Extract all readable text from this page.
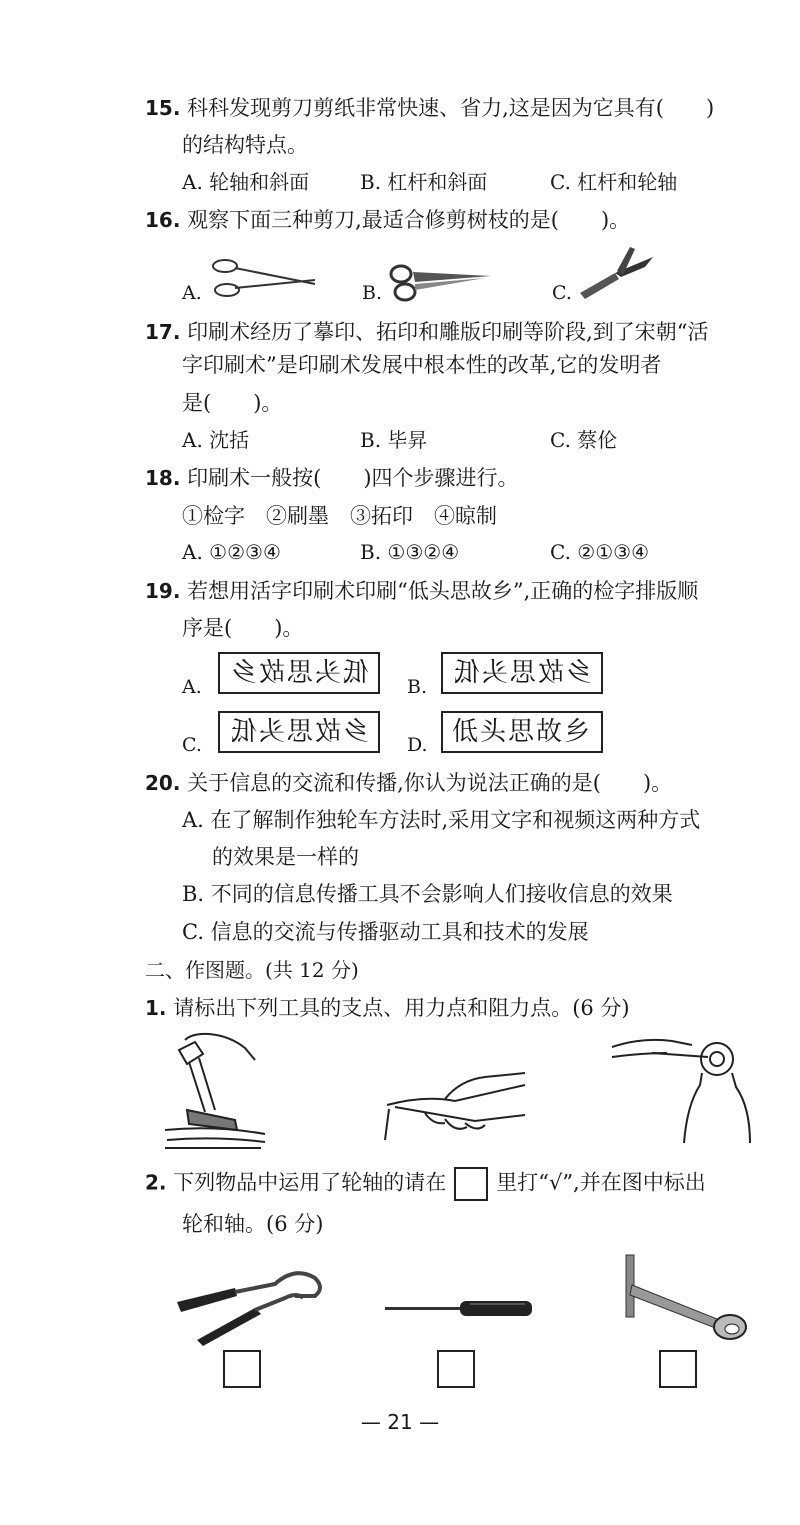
15. 科科发现剪刀剪纸非常快速、省力,这是因为它具有(　　)
的结构特点。
A. 轮轴和斜面	B. 杠杆和斜面	C. 杠杆和轮轴
16. 观察下面三种剪刀,最适合修剪树枝的是(　　)。
A.	B.	C.
17. 印刷术经历了摹印、拓印和雕版印刷等阶段,到了宋朝“活
字印刷术”是印刷术发展中根本性的改革,它的发明者
是(　　)。
A. 沈括	B. 毕昇	C. 蔡伦
18. 印刷术一般按(　　)四个步骤进行。
①检字　②刷墨　③拓印　④晾制
A. ①②③④	B. ①③②④	C. ②①③④
19. 若想用活字印刷术印刷“低头思故乡”,正确的检字排版顺
序是(　　)。
A.	低头思故乡	B. 乡故思头低
C.	乡故思头低	D. 低头思故乡
20. 关于信息的交流和传播,你认为说法正确的是(　　)。
A. 在了解制作独轮车方法时,采用文字和视频这两种方式
的效果是一样的
B. 不同的信息传播工具不会影响人们接收信息的效果
C. 信息的交流与传播驱动工具和技术的发展
二、作图题。(共 12 分)
1. 请标出下列工具的支点、用力点和阻力点。(6 分)
2. 下列物品中运用了轮轴的请在 里打“√”,并在图中标出
轮和轴。(6 分)
— 21 —
